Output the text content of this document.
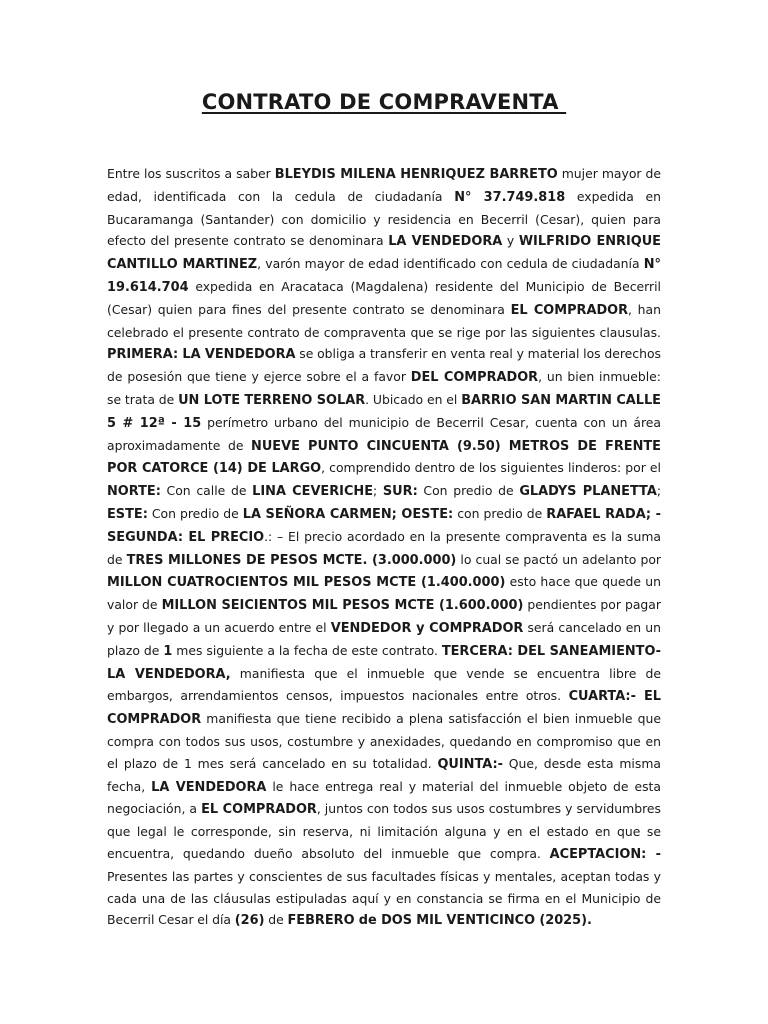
CONTRATO DE COMPRAVENTA

Entre los suscritos a saber BLEYDIS MILENA HENRIQUEZ BARRETO mujer mayor de edad, identificada con la cedula de ciudadanía N° 37.749.818 expedida en Bucaramanga (Santander) con domicilio y residencia en Becerril (Cesar), quien para efecto del presente contrato se denominara LA VENDEDORA y WILFRIDO ENRIQUE CANTILLO MARTINEZ, varón mayor de edad identificado con cedula de ciudadanía N° 19.614.704 expedida en Aracataca (Magdalena) residente del Municipio de Becerril (Cesar) quien para fines del presente contrato se denominara EL COMPRADOR, han celebrado el presente contrato de compraventa que se rige por las siguientes clausulas. PRIMERA: LA VENDEDORA se obliga a transferir en venta real y material los derechos de posesión que tiene y ejerce sobre el a favor DEL COMPRADOR, un bien inmueble: se trata de UN LOTE TERRENO SOLAR. Ubicado en el BARRIO SAN MARTIN CALLE 5 # 12ª - 15 perímetro urbano del municipio de Becerril Cesar, cuenta con un área aproximadamente de NUEVE PUNTO CINCUENTA (9.50) METROS DE FRENTE POR CATORCE (14) DE LARGO, comprendido dentro de los siguientes linderos: por el NORTE: Con calle de LINA CEVERICHE; SUR: Con predio de GLADYS PLANETTA; ESTE: Con predio de LA SEÑORA CARMEN; OESTE: con predio de RAFAEL RADA; -SEGUNDA: EL PRECIO.: – El precio acordado en la presente compraventa es la suma de TRES MILLONES DE PESOS MCTE. (3.000.000) lo cual se pactó un adelanto por MILLON CUATROCIENTOS MIL PESOS MCTE (1.400.000) esto hace que quede un valor de MILLON SEICIENTOS MIL PESOS MCTE (1.600.000) pendientes por pagar y por llegado a un acuerdo entre el VENDEDOR y COMPRADOR será cancelado en un plazo de 1 mes siguiente a la fecha de este contrato. TERCERA: DEL SANEAMIENTO- LA VENDEDORA, manifiesta que el inmueble que vende se encuentra libre de embargos, arrendamientos censos, impuestos nacionales entre otros. CUARTA:- EL COMPRADOR manifiesta que tiene recibido a plena satisfacción el bien inmueble que compra con todos sus usos, costumbre y anexidades, quedando en compromiso que en el plazo de 1 mes será cancelado en su totalidad. QUINTA:- Que, desde esta misma fecha, LA VENDEDORA le hace entrega real y material del inmueble objeto de esta negociación, a EL COMPRADOR, juntos con todos sus usos costumbres y servidumbres que legal le corresponde, sin reserva, ni limitación alguna y en el estado en que se encuentra, quedando dueño absoluto del inmueble que compra. ACEPTACION: - Presentes las partes y conscientes de sus facultades físicas y mentales, aceptan todas y cada una de las cláusulas estipuladas aquí y en constancia se firma en el Municipio de Becerril Cesar el día (26) de FEBRERO de DOS MIL VENTICINCO (2025).
